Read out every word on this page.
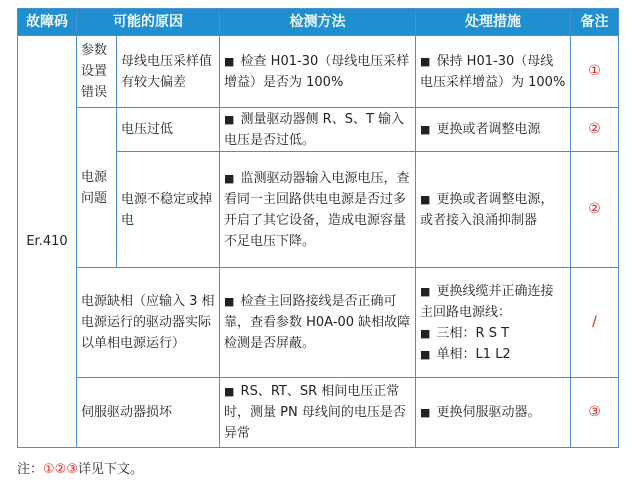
故障码	可能的原因		检测方法	处理措施	备注
Er.410	参数设置错误	母线电压采样值有较大偏差	■ 检查 H01-30（母线电压采样增益）是否为 100%	■ 保持 H01-30（母线电压采样增益）为 100%	①
	电源问题	电压过低	■ 测量驱动器侧 R、S、T 输入电压是否过低。	■ 更换或者调整电源	②
		电源不稳定或掉电	■ 监测驱动器输入电源电压，查看同一主回路供电电源是否过多开启了其它设备，造成电源容量不足电压下降。	■ 更换或者调整电源，或者接入浪涌抑制器	②
	电源缺相（应输入 3 相电源运行的驱动器实际以单相电源运行）		■ 检查主回路接线是否正确可靠，查看参数 H0A-00 缺相故障检测是否屏蔽。	■ 更换线缆并正确连接主回路电源线：
■ 三相：R S T
■ 单相：L1 L2	/
	伺服驱动器损坏		■ RS、RT、SR 相间电压正常时，测量 PN 母线间的电压是否异常	■ 更换伺服驱动器。	③
注：①②③详见下文。
